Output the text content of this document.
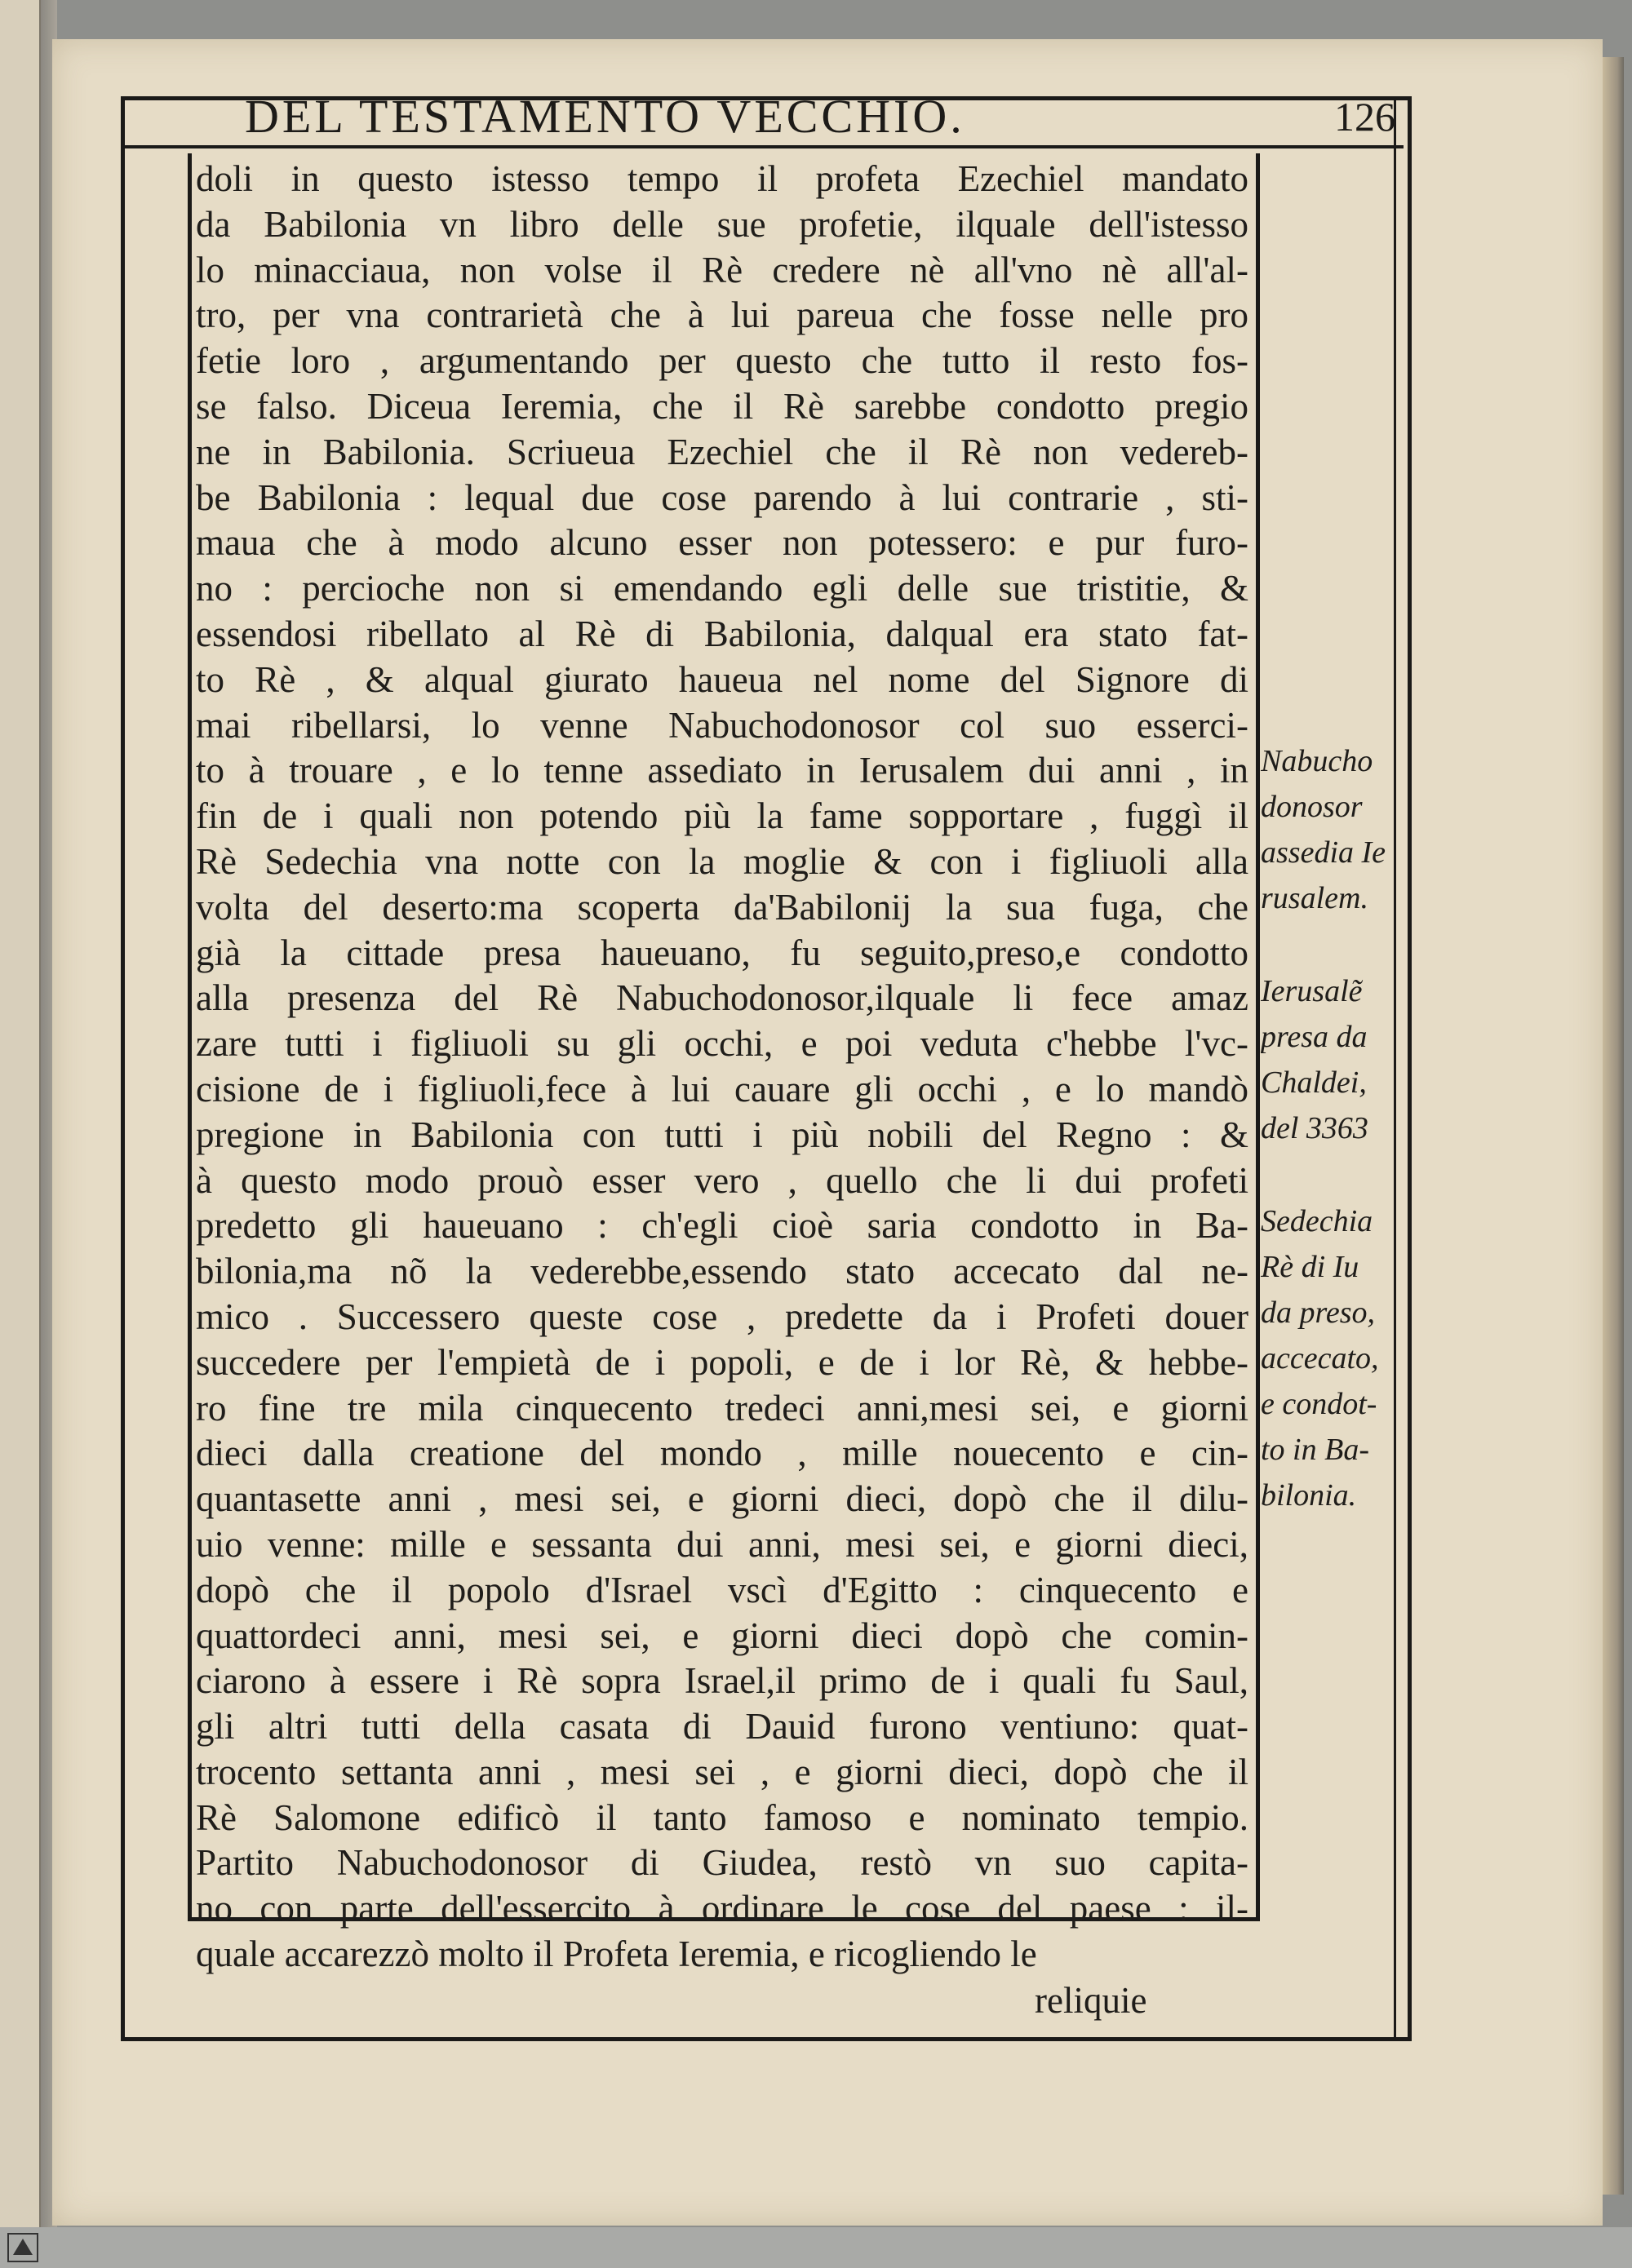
DEL TESTAMENTO VECCHIO.	126
doli in questo istesso tempo il profeta Ezechiel mandato
da Babilonia vn libro delle sue profetie, ilquale dell'istesso
lo minacciaua, non volse il Rè credere nè all'vno nè all'al-
tro, per vna contrarietà che à lui pareua che fosse nelle pro
fetie loro , argumentando per questo che tutto il resto fos-
se falso. Diceua Ieremia, che il Rè sarebbe condotto pregio
ne in Babilonia. Scriueua Ezechiel che il Rè non vedereb-
be Babilonia : lequal due cose parendo à lui contrarie , sti-
maua che à modo alcuno esser non potessero: e pur furo-
no : percioche non si emendando egli delle sue tristitie, &
essendosi ribellato al Rè di Babilonia, dalqual era stato fat-
to Rè , & alqual giurato haueua nel nome del Signore di
mai ribellarsi, lo venne Nabuchodonosor col suo esserci-
to à trouare , e lo tenne assediato in Ierusalem dui anni , in
fin de i quali non potendo più la fame sopportare , fuggì il
Rè Sedechia vna notte con la moglie & con i figliuoli alla
volta del deserto:ma scoperta da'Babilonij la sua fuga, che
già la cittade presa haueuano, fu seguito,preso,e condotto
alla presenza del Rè Nabuchodonosor,ilquale li fece amaz
zare tutti i figliuoli su gli occhi, e poi veduta c'hebbe l'vc-
cisione de i figliuoli,fece à lui cauare gli occhi , e lo mandò
pregione in Babilonia con tutti i più nobili del Regno : &
à questo modo prouò esser vero , quello che li dui profeti
predetto gli haueuano : ch'egli cioè saria condotto in Ba-
bilonia,ma nõ la vederebbe,essendo stato accecato dal ne-
mico . Successero queste cose , predette da i Profeti douer
succedere per l'empietà de i popoli, e de i lor Rè, & hebbe-
ro fine tre mila cinquecento tredeci anni,mesi sei, e giorni
dieci dalla creatione del mondo , mille nouecento e cin-
quantasette anni , mesi sei, e giorni dieci, dopò che il dilu-
uio venne: mille e sessanta dui anni, mesi sei, e giorni dieci,
dopò che il popolo d'Israel vscì d'Egitto : cinquecento e
quattordeci anni, mesi sei, e giorni dieci dopò che comin-
ciarono à essere i Rè sopra Israel,il primo de i quali fu Saul,
gli altri tutti della casata di Dauid furono ventiuno: quat-
trocento settanta anni , mesi sei , e giorni dieci, dopò che il
Rè Salomone edificò il tanto famoso e nominato tempio.
Partito Nabuchodonosor di Giudea, restò vn suo capita-
no con parte dell'essercito à ordinare le cose del paese : il-
quale accarezzò molto il Profeta Ieremia, e ricogliendo le
Nabucho
donosor
assedia Ie
rusalem.
Ierusalẽ
presa da
Chaldei,
del 3363
Sedechia
Rè di Iu
da preso,
accecato,
e condot-
to in Ba-
bilonia.
reliquie
